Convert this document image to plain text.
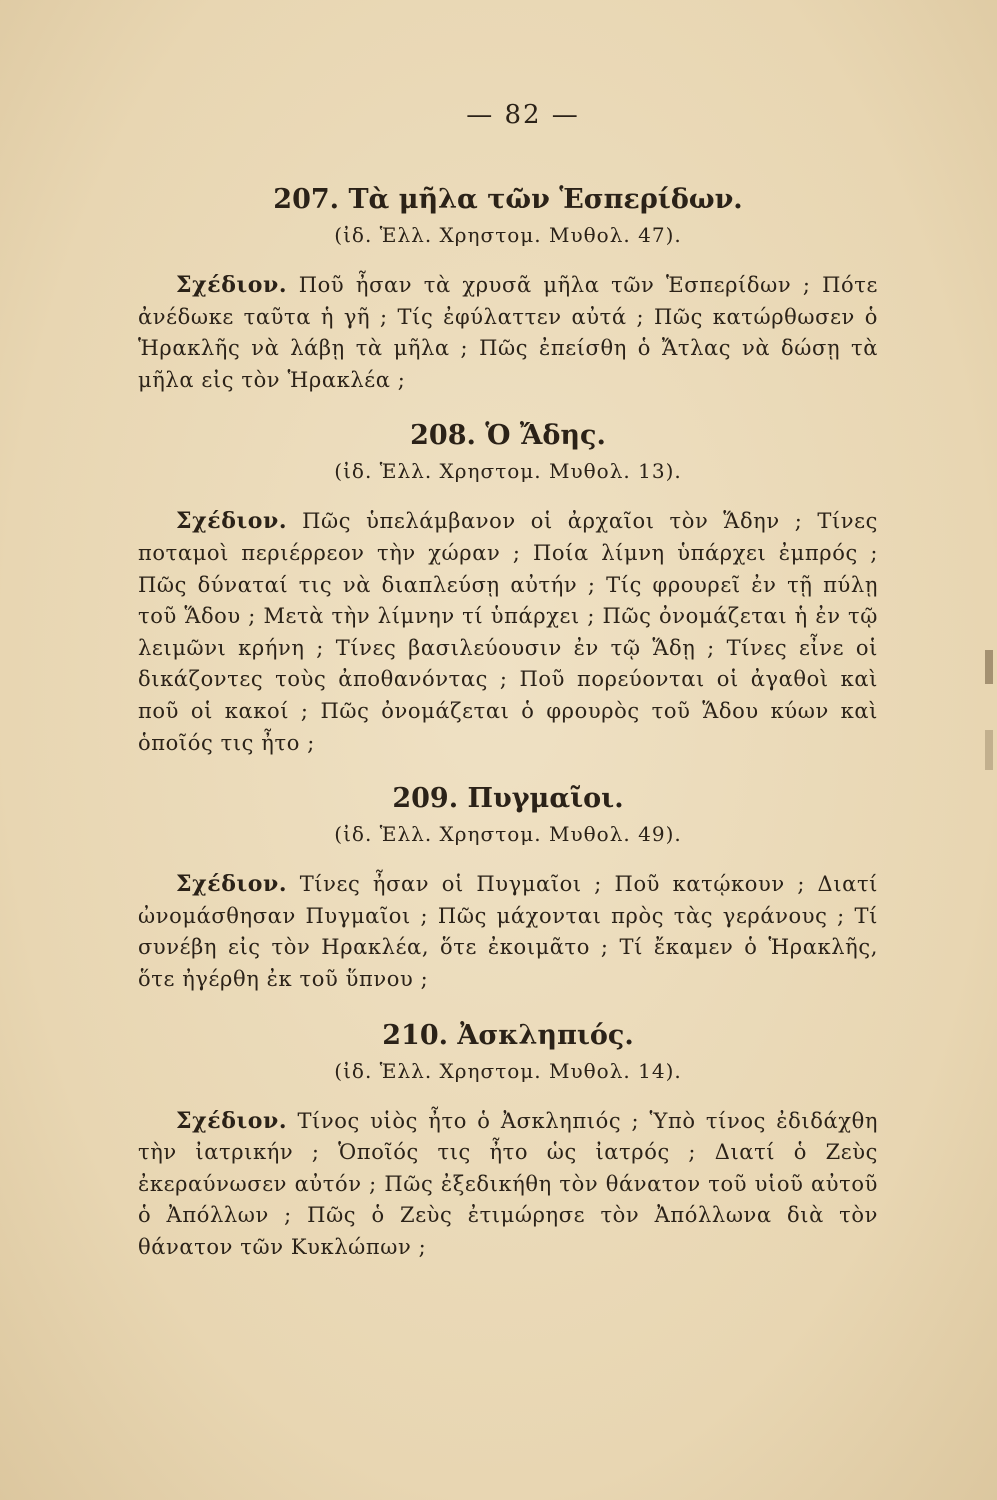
— 82 —
207. Τὰ μῆλα τῶν Ἑσπερίδων.
(ἰδ. Ἑλλ. Χρηστομ. Μυθολ. 47).

Σχέδιον. Ποῦ ἦσαν τὰ χρυσᾶ μῆλα τῶν Ἑσπερίδων ; Πότε ἀνέδωκε ταῦτα ἡ γῆ ; Τίς ἐφύλαττεν αὐτά ; Πῶς κατώρθωσεν ὁ Ἡρακλῆς νὰ λάβῃ τὰ μῆλα ; Πῶς ἐπείσθη ὁ Ἄτλας νὰ δώσῃ τὰ μῆλα εἰς τὸν Ἡρακλέα ;

208. Ὁ Ἄδης.
(ἰδ. Ἑλλ. Χρηστομ. Μυθολ. 13).

Σχέδιον. Πῶς ὑπελάμβανον οἱ ἀρχαῖοι τὸν Ἅδην ; Τίνες ποταμοὶ περιέρρεον τὴν χώραν ; Ποία λίμνη ὑπάρχει ἐμπρός ; Πῶς δύναταί τις νὰ διαπλεύσῃ αὐτήν ; Τίς φρουρεῖ ἐν τῇ πύλῃ τοῦ Ἅδου ; Μετὰ τὴν λίμνην τί ὑπάρχει ; Πῶς ὀνομάζεται ἡ ἐν τῷ λειμῶνι κρήνη ; Τίνες βασιλεύουσιν ἐν τῷ Ἅδῃ ; Τίνες εἶνε οἱ δικάζοντες τοὺς ἀποθανόντας ; Ποῦ πορεύονται οἱ ἀγαθοὶ καὶ ποῦ οἱ κακοί ; Πῶς ὀνομάζεται ὁ φρουρὸς τοῦ Ἅδου κύων καὶ ὁποῖός τις ἦτο ;

209. Πυγμαῖοι.
(ἰδ. Ἑλλ. Χρηστομ. Μυθολ. 49).

Σχέδιον. Τίνες ἦσαν οἱ Πυγμαῖοι ; Ποῦ κατῴκουν ; Διατί ὠνομάσθησαν Πυγμαῖοι ; Πῶς μάχονται πρὸς τὰς γεράνους ; Τί συνέβη εἰς τὸν Ηρακλέα, ὅτε ἐκοιμᾶτο ; Τί ἔκαμεν ὁ Ἡρακλῆς, ὅτε ἠγέρθη ἐκ τοῦ ὕπνου ;

210. Ἀσκληπιός.
(ἰδ. Ἑλλ. Χρηστομ. Μυθολ. 14).

Σχέδιον. Τίνος υἱὸς ἦτο ὁ Ἀσκληπιός ; Ὑπὸ τίνος ἐδιδάχθη τὴν ἰατρικήν ; Ὁποῖός τις ἦτο ὡς ἰατρός ; Διατί ὁ Ζεὺς ἐκεραύνωσεν αὐτόν ; Πῶς ἐξεδικήθη τὸν θάνατον τοῦ υἱοῦ αὐτοῦ ὁ Ἀπόλλων ; Πῶς ὁ Ζεὺς ἐτιμώρησε τὸν Ἀπόλλωνα διὰ τὸν θάνατον τῶν Κυκλώπων ;
